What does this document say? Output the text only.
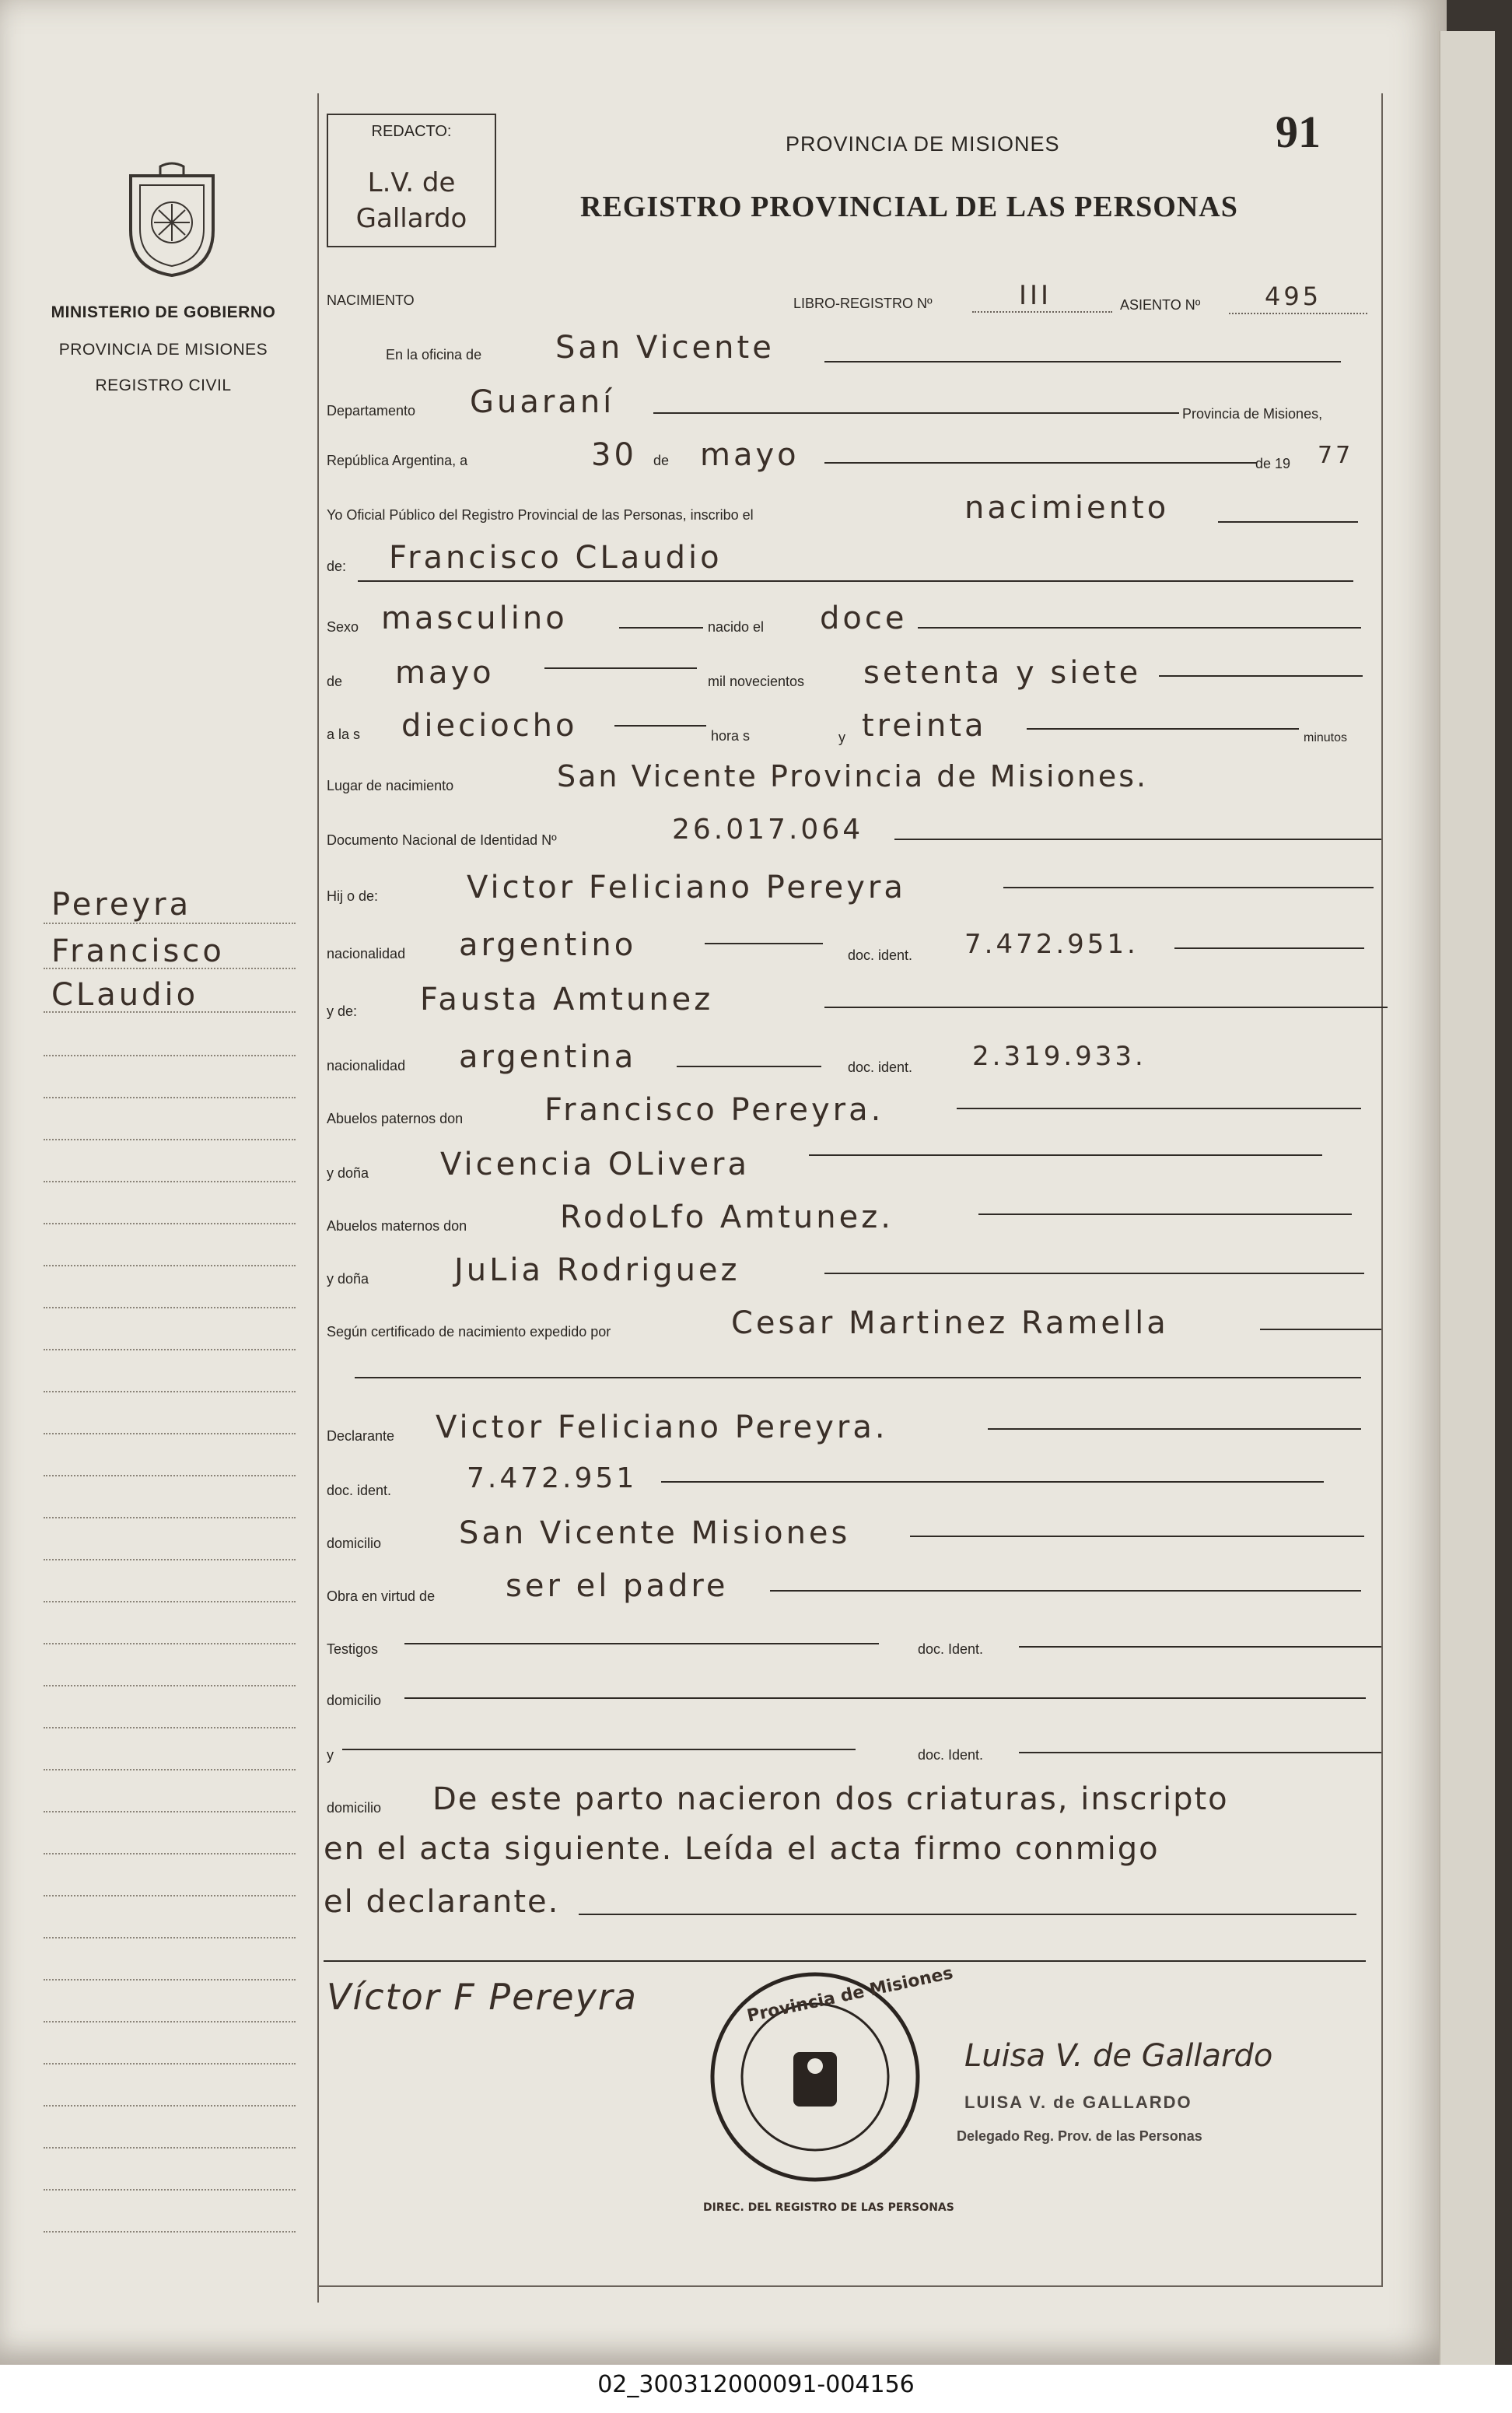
MINISTERIO DE GOBIERNO
PROVINCIA DE MISIONES
REGISTRO CIVIL
Pereyra
Francisco
CLaudio
REDACTO:
L.V. de Gallardo
PROVINCIA DE MISIONES
REGISTRO PROVINCIAL DE LAS PERSONAS
91
NACIMIENTO	LIBRO-REGISTRO Nº	III	ASIENTO Nº	495
En la oficina de San Vicente
Departamento Guaraní	Provincia de Misiones,
República Argentina, a	30 de mayo	de 19 77
Yo Oficial Público del Registro Provincial de las Personas, inscribo el	nacimiento
de: Francisco CLaudio
Sexo masculino	nacido el doce
de mayo	mil novecientos setenta y siete
a la s dieciocho	hora s	y treinta	minutos
Lugar de nacimiento	San Vicente Provincia de Misiones.
Documento Nacional de Identidad Nº	26.017.064
Hij o de:	Victor Feliciano Pereyra
nacionalidad argentino	doc. ident. 7.472.951.
y de: Fausta Amtunez
nacionalidad argentina	doc. ident. 2.319.933.
Abuelos paternos don	Francisco Pereyra.
y doña Vicencia OLivera
Abuelos maternos don	RodoLfo Amtunez.
y doña	JuLia Rodriguez
Según certificado de nacimiento expedido por	Cesar Martinez Ramella
Declarante Victor Feliciano Pereyra.
doc. ident.	7.472.951
domicilio San Vicente Misiones
Obra en virtud de ser el padre
Testigos	doc. Ident.
domicilio
y	doc. Ident.
domicilio De este parto nacieron dos criaturas, inscripto
en el acta siguiente. Leída el acta firmo conmigo
el declarante.
Víctor F Pereyra	Provincia de Misiones
DIREC. DEL REGISTRO DE LAS PERSONAS
Luisa V. de Gallardo
LUISA V. de GALLARDO
Delegado Reg. Prov. de las Personas
02_300312000091-004156
